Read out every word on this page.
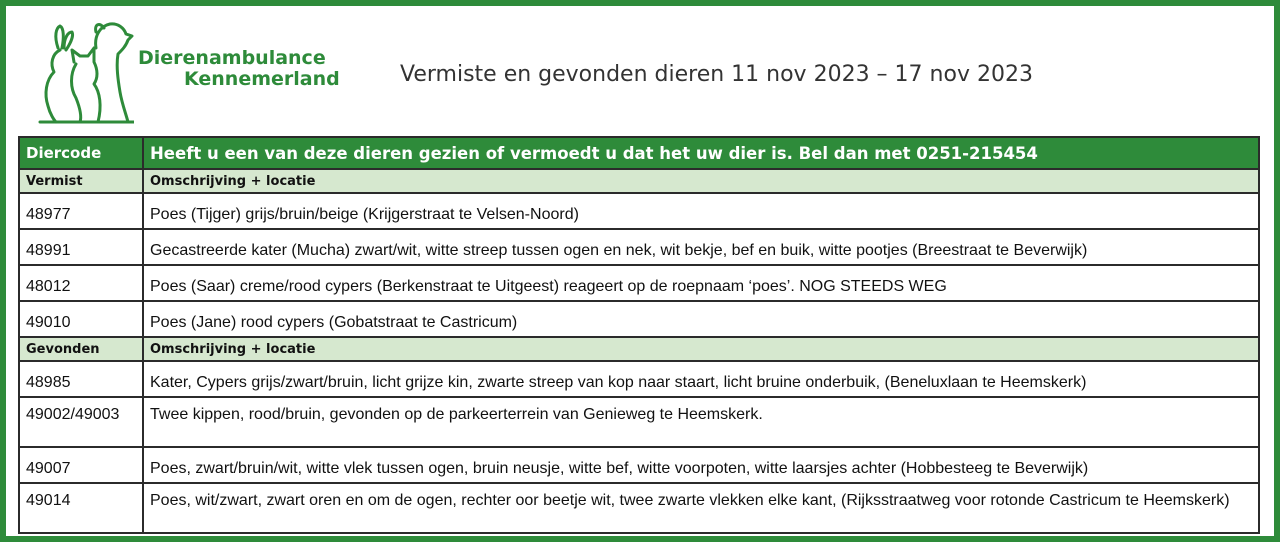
Dierenambulance
Kennemerland	Vermiste en gevonden dieren 11 nov 2023 – 17 nov 2023
Diercode	Heeft u een van deze dieren gezien of vermoedt u dat het uw dier is. Bel dan met 0251-215454
Vermist	Omschrijving + locatie
48977	Poes (Tijger) grijs/bruin/beige (Krijgerstraat te Velsen-Noord)
48991	Gecastreerde kater (Mucha) zwart/wit, witte streep tussen ogen en nek, wit bekje, bef en buik, witte pootjes (Breestraat te Beverwijk)
48012	Poes (Saar) creme/rood cypers (Berkenstraat te Uitgeest) reageert op de roepnaam ‘poes’. NOG STEEDS WEG
49010	Poes (Jane) rood cypers (Gobatstraat te Castricum)
Gevonden	Omschrijving + locatie
48985	Kater, Cypers grijs/zwart/bruin, licht grijze kin, zwarte streep van kop naar staart, licht bruine onderbuik, (Beneluxlaan te Heemskerk)
49002/49003	Twee kippen, rood/bruin, gevonden op de parkeerterrein van Genieweg te Heemskerk.
49007	Poes, zwart/bruin/wit, witte vlek tussen ogen, bruin neusje, witte bef, witte voorpoten, witte laarsjes achter (Hobbesteeg te Beverwijk)
49014	Poes, wit/zwart, zwart oren en om de ogen, rechter oor beetje wit, twee zwarte vlekken elke kant, (Rijksstraatweg voor rotonde Castricum te Heemskerk)
